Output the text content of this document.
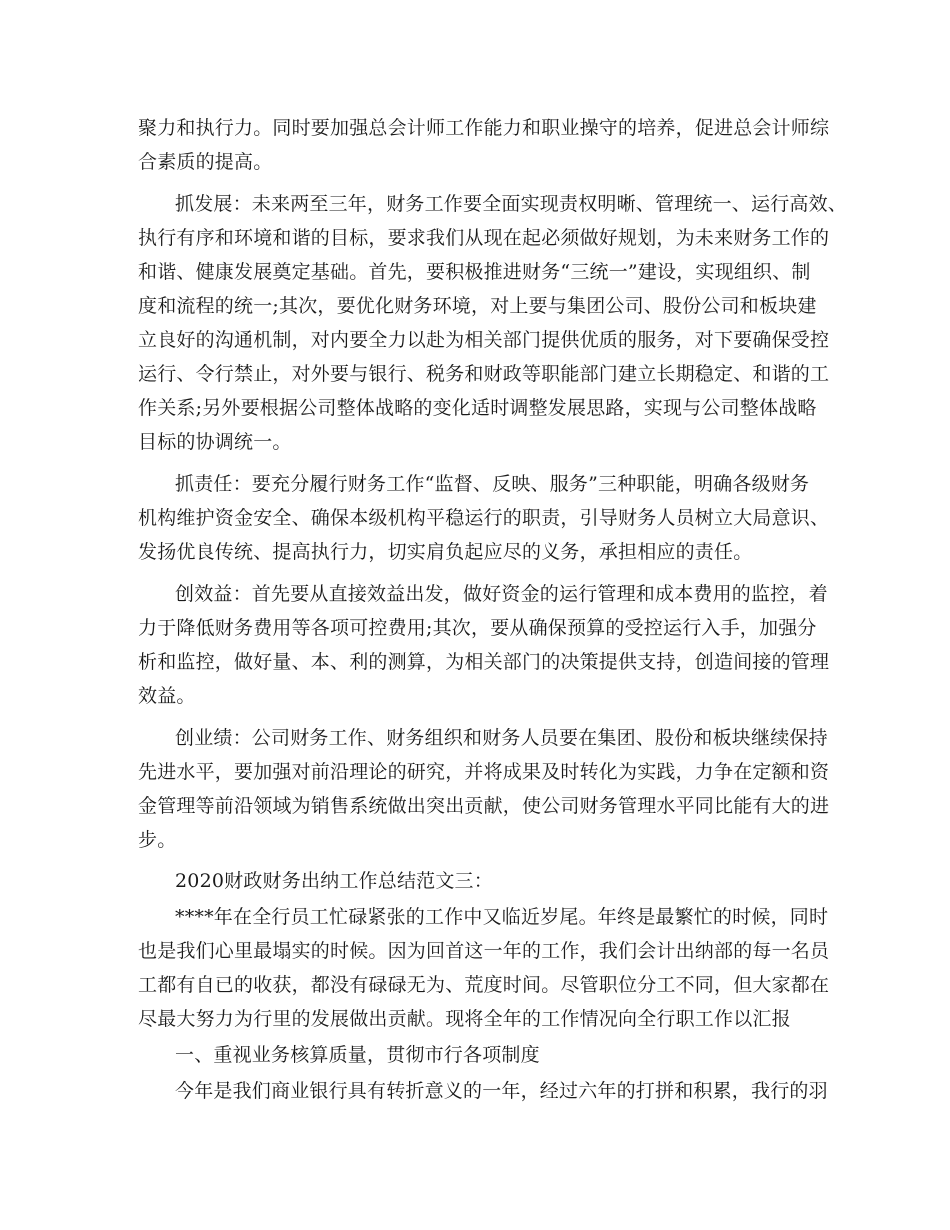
聚力和执行力。同时要加强总会计师工作能力和职业操守的培养，促进总会计师综
合素质的提高。
抓发展：未来两至三年，财务工作要全面实现责权明晰、管理统一、运行高效、
执行有序和环境和谐的目标，要求我们从现在起必须做好规划，为未来财务工作的
和谐、健康发展奠定基础。首先，要积极推进财务“三统一”建设，实现组织、制
度和流程的统一;其次，要优化财务环境，对上要与集团公司、股份公司和板块建
立良好的沟通机制，对内要全力以赴为相关部门提供优质的服务，对下要确保受控
运行、令行禁止，对外要与银行、税务和财政等职能部门建立长期稳定、和谐的工
作关系;另外要根据公司整体战略的变化适时调整发展思路，实现与公司整体战略
目标的协调统一。
抓责任：要充分履行财务工作“监督、反映、服务”三种职能，明确各级财务
机构维护资金安全、确保本级机构平稳运行的职责，引导财务人员树立大局意识、
发扬优良传统、提高执行力，切实肩负起应尽的义务，承担相应的责任。
创效益：首先要从直接效益出发，做好资金的运行管理和成本费用的监控，着
力于降低财务费用等各项可控费用;其次，要从确保预算的受控运行入手，加强分
析和监控，做好量、本、利的测算，为相关部门的决策提供支持，创造间接的管理
效益。
创业绩：公司财务工作、财务组织和财务人员要在集团、股份和板块继续保持
先进水平，要加强对前沿理论的研究，并将成果及时转化为实践，力争在定额和资
金管理等前沿领域为销售系统做出突出贡献，使公司财务管理水平同比能有大的进
步。
2020财政财务出纳工作总结范文三：
****年在全行员工忙碌紧张的工作中又临近岁尾。年终是最繁忙的时候，同时
也是我们心里最塌实的时候。因为回首这一年的工作，我们会计出纳部的每一名员
工都有自已的收获，都没有碌碌无为、荒度时间。尽管职位分工不同，但大家都在
尽最大努力为行里的发展做出贡献。现将全年的工作情况向全行职工作以汇报
一、重视业务核算质量，贯彻市行各项制度
今年是我们商业银行具有转折意义的一年，经过六年的打拼和积累，我行的羽
